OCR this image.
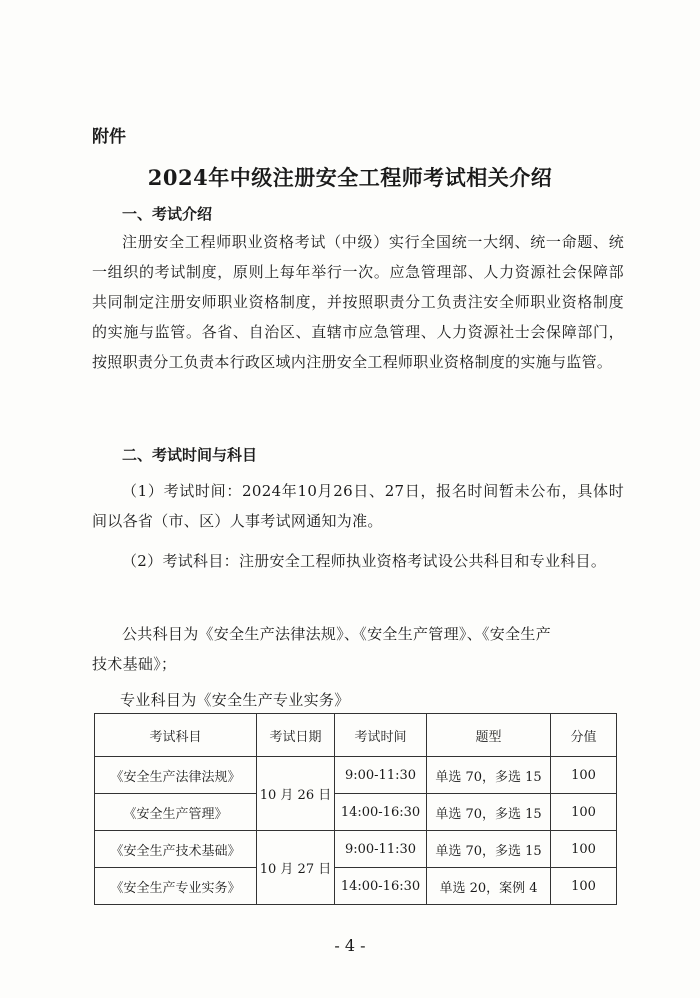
附件
2024年中级注册安全工程师考试相关介绍
一、考试介绍
注册安全工程师职业资格考试（中级）实行全国统一大纲、统一命题、统一组织的考试制度，原则上每年举行一次。应急管理部、人力资源社会保障部共同制定注册安师职业资格制度，并按照职责分工负责注安全师职业资格制度的实施与监管。各省、自治区、直辖市应急管理、人力资源社士会保障部门，按照职责分工负责本行政区域内注册安全工程师职业资格制度的实施与监管。
二、考试时间与科目
（1）考试时间：2024年10月26日、27日，报名时间暂未公布，具体时间以各省（市、区）人事考试网通知为准。
（2）考试科目：注册安全工程师执业资格考试设公共科目和专业科目。
公共科目为《安全生产法律法规》、《安全生产管理》、《安全生产
技术基础》；
专业科目为《安全生产专业实务》
考试科目	考试日期	考试时间	题型	分值
《安全生产法律法规》	10 月 26 日	9:00-11:30	单选 70，多选 15	100
《安全生产管理》		14:00-16:30	单选 70，多选 15	100
《安全生产技术基础》	10 月 27 日	9:00-11:30	单选 70，多选 15	100
《安全生产专业实务》		14:00-16:30	单选 20，案例 4	100
- 4 -
